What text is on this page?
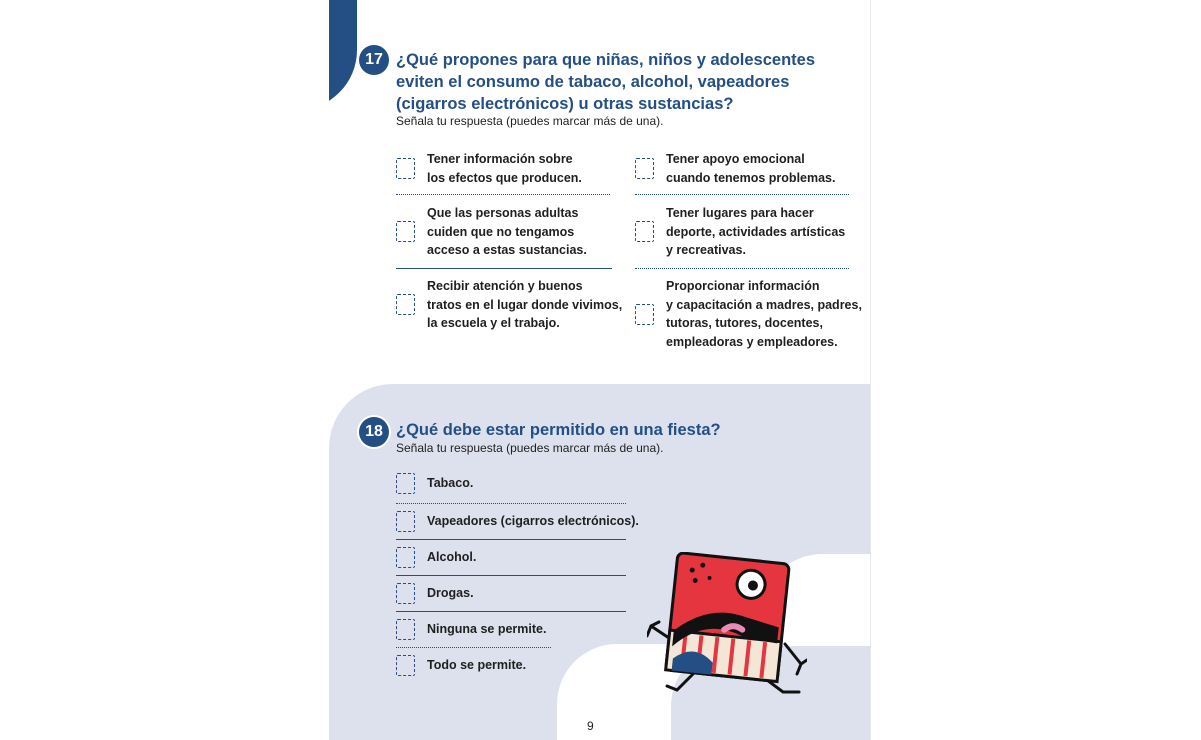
17 ¿Qué propones para que niñas, niños y adolescentes
eviten el consumo de tabaco, alcohol, vapeadores
(cigarros electrónicos) u otras sustancias?
Señala tu respuesta (puedes marcar más de una).
Tener información sobre
los efectos que producen.
Tener apoyo emocional
cuando tenemos problemas.
Que las personas adultas
cuiden que no tengamos
acceso a estas sustancias.
Tener lugares para hacer
deporte, actividades artísticas
y recreativas.
Recibir atención y buenos
tratos en el lugar donde vivimos,
la escuela y el trabajo.
Proporcionar información
y capacitación a madres, padres,
tutoras, tutores, docentes,
empleadoras y empleadores.
18 ¿Qué debe estar permitido en una fiesta?
Señala tu respuesta (puedes marcar más de una).
Tabaco.
Vapeadores (cigarros electrónicos).
Alcohol.
Drogas.
Ninguna se permite.
Todo se permite.
9
